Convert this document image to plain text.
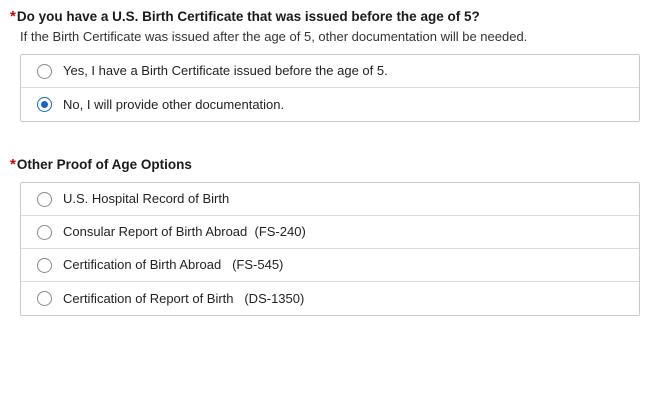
* Do you have a U.S. Birth Certificate that was issued before the age of 5?
If the Birth Certificate was issued after the age of 5, other documentation will be needed.
Yes, I have a Birth Certificate issued before the age of 5.
No, I will provide other documentation.
* Other Proof of Age Options
U.S. Hospital Record of Birth
Consular Report of Birth Abroad  (FS-240)
Certification of Birth Abroad   (FS-545)
Certification of Report of Birth   (DS-1350)
